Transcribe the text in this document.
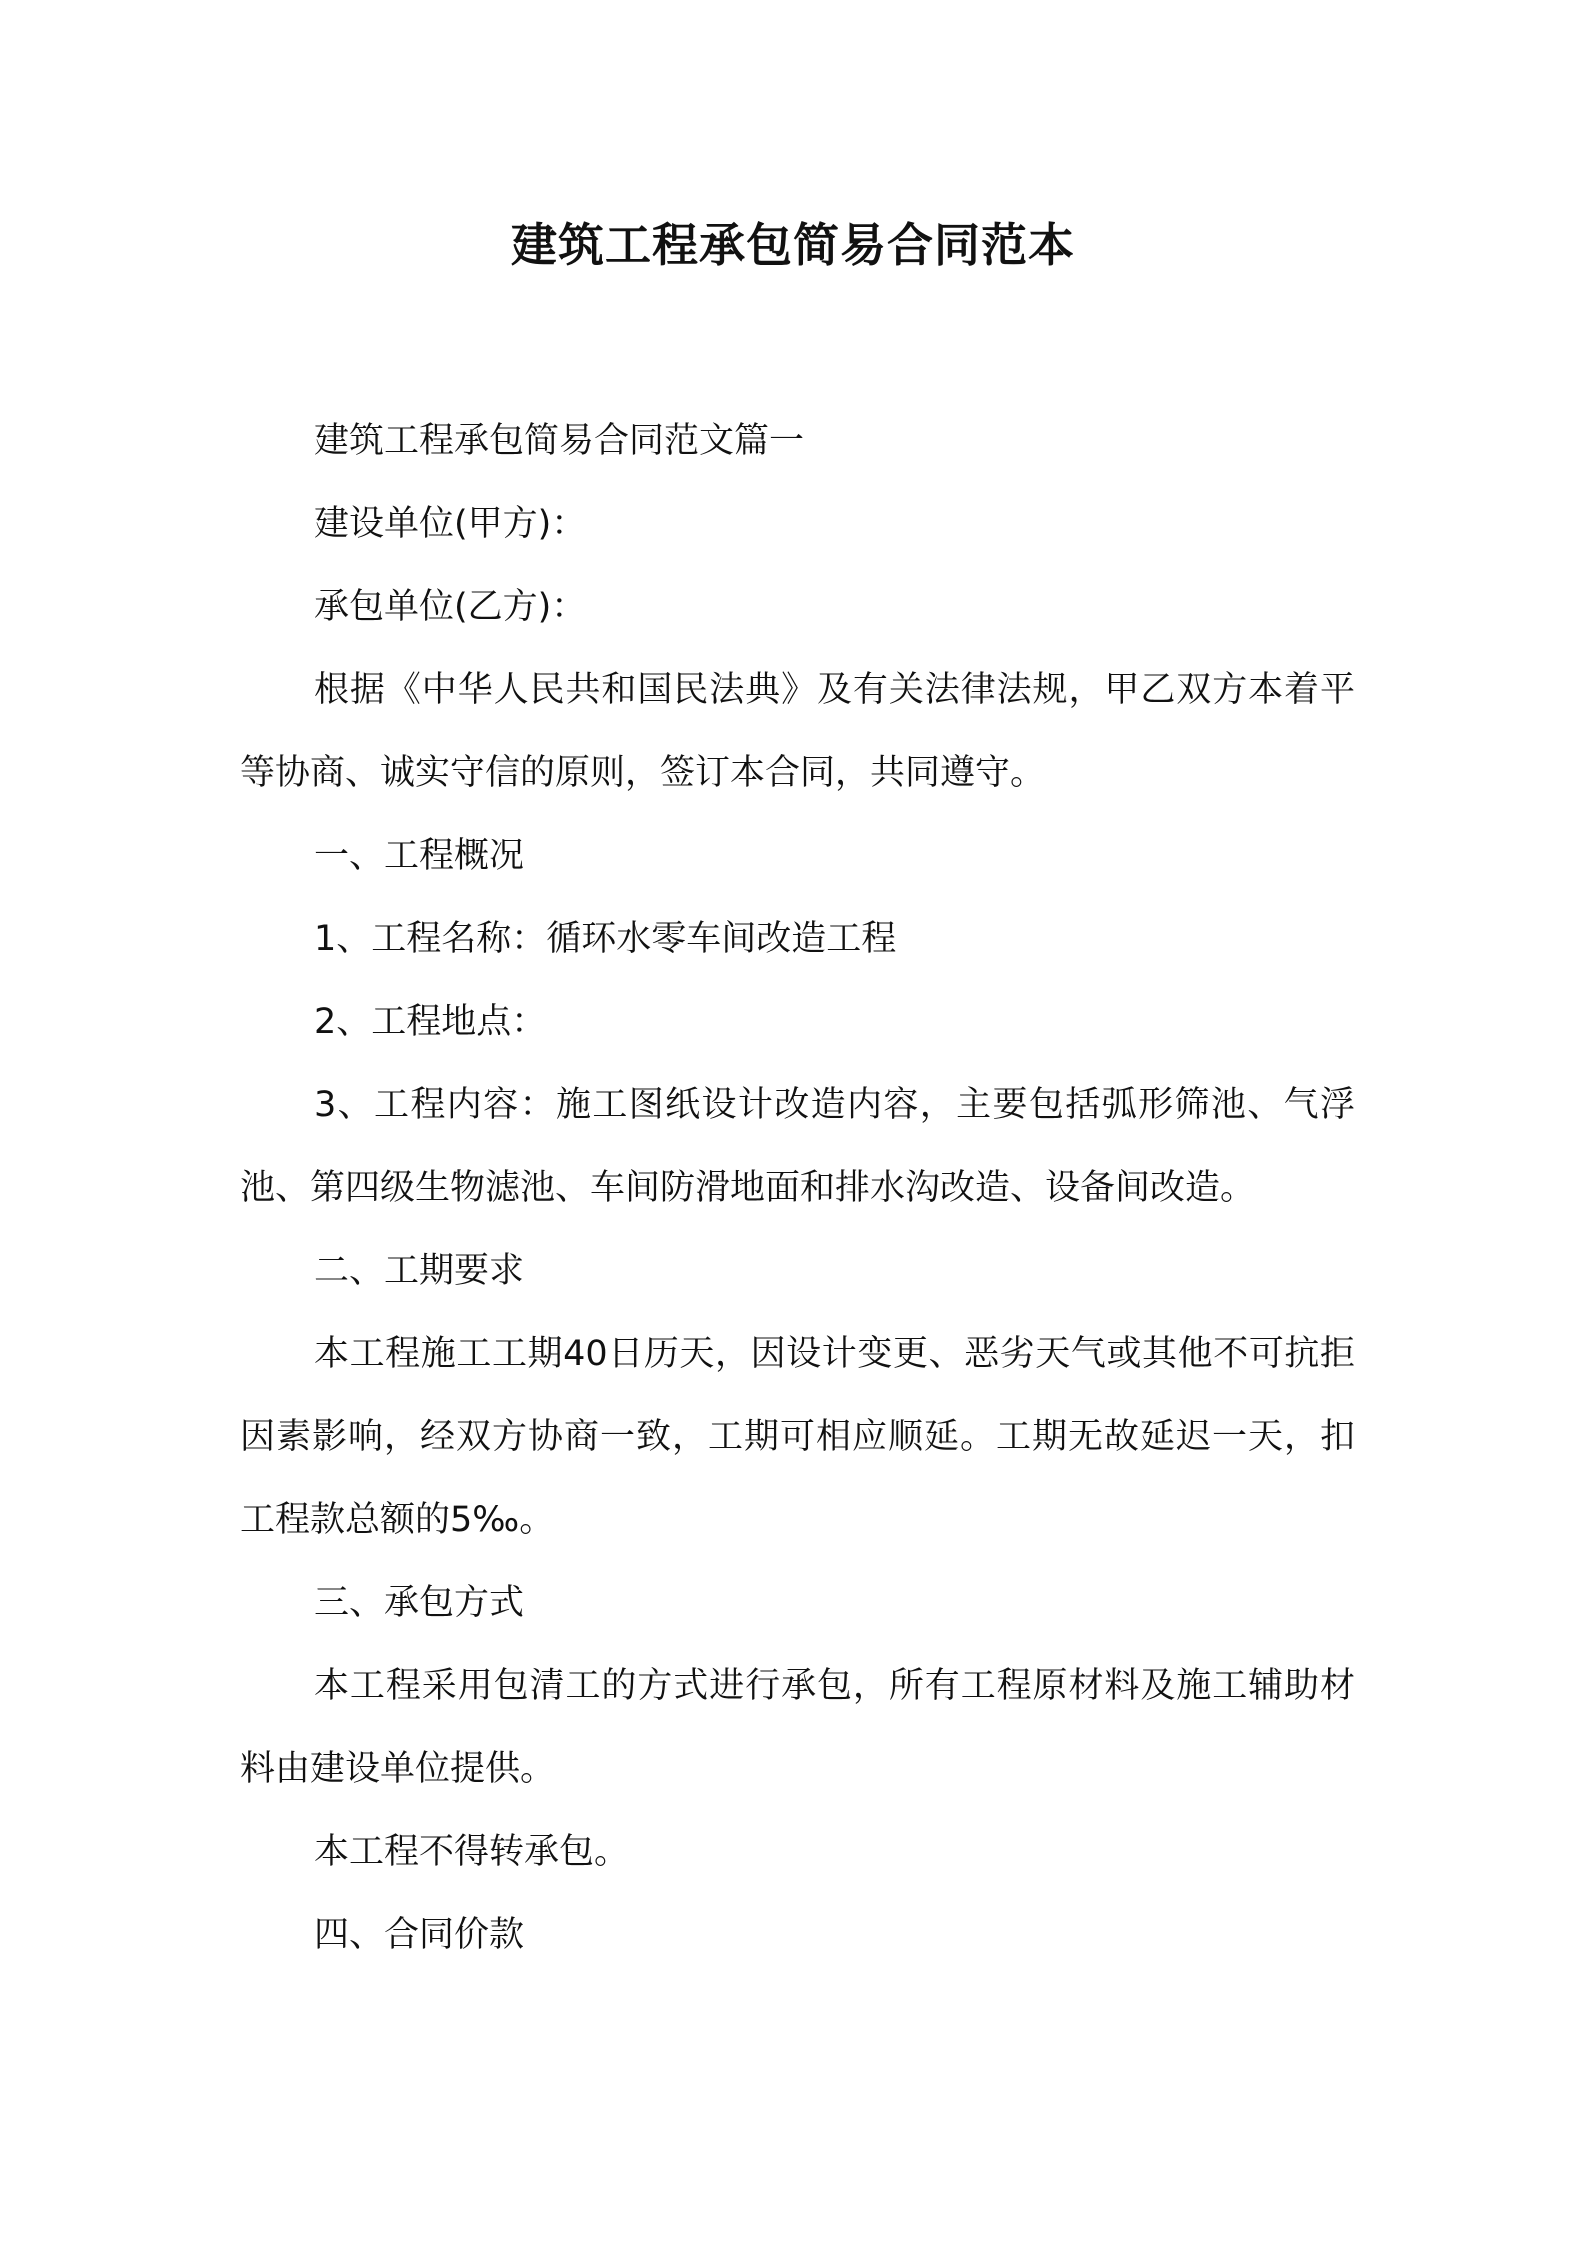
建筑工程承包简易合同范本

建筑工程承包简易合同范文篇一

建设单位(甲方)：

承包单位(乙方)：

根据《中华人民共和国民法典》及有关法律法规，甲乙双方本着平等协商、诚实守信的原则，签订本合同，共同遵守。

一、工程概况

1、工程名称：循环水零车间改造工程

2、工程地点：

3、工程内容：施工图纸设计改造内容，主要包括弧形筛池、气浮池、第四级生物滤池、车间防滑地面和排水沟改造、设备间改造。

二、工期要求

本工程施工工期40日历天，因设计变更、恶劣天气或其他不可抗拒因素影响，经双方协商一致，工期可相应顺延。工期无故延迟一天，扣工程款总额的5‰。

三、承包方式

本工程采用包清工的方式进行承包，所有工程原材料及施工辅助材料由建设单位提供。

本工程不得转承包。

四、合同价款
